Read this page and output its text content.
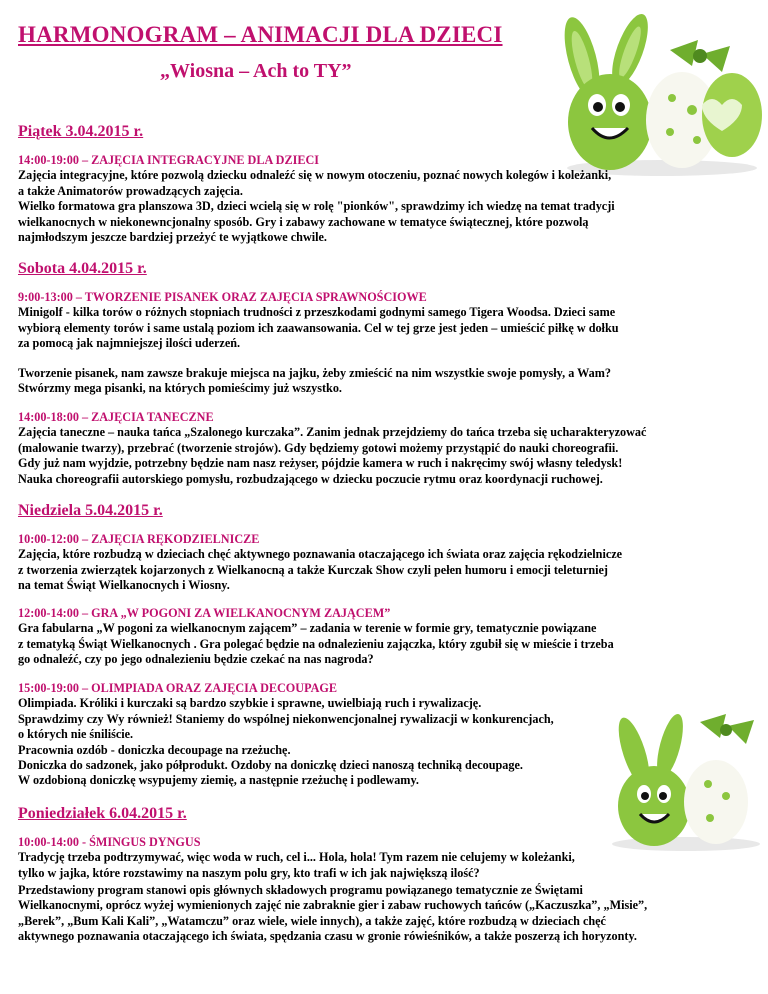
HARMONOGRAM – ANIMACJI DLA DZIECI
„Wiosna – Ach to TY”
Piątek 3.04.2015 r.
14:00-19:00 – ZAJĘCIA INTEGRACYJNE DLA DZIECI
Zajęcia integracyjne, które pozwolą dziecku odnaleźć się w nowym otoczeniu, poznać nowych kolegów i koleżanki,
a także Animatorów prowadzących zajęcia.
Wielko formatowa gra planszowa 3D, dzieci wcielą się w rolę "pionków", sprawdzimy ich wiedzę na temat tradycji
wielkanocnych w niekonewncjonalny sposób. Gry i zabawy zachowane w tematyce świątecznej, które pozwolą
najmłodszym jeszcze bardziej przeżyć te wyjątkowe chwile.
Sobota 4.04.2015 r.
9:00-13:00 – TWORZENIE PISANEK ORAZ ZAJĘCIA SPRAWNOŚCIOWE
Minigolf - kilka torów o różnych stopniach trudności z przeszkodami godnymi samego Tigera Woodsa. Dzieci same
wybiorą elementy torów i same ustalą poziom ich zaawansowania. Cel w tej grze jest jeden – umieścić piłkę w dołku
za pomocą jak najmniejszej ilości uderzeń.
Tworzenie pisanek, nam zawsze brakuje miejsca na jajku, żeby zmieścić na nim wszystkie swoje pomysły, a Wam?
Stwórzmy mega pisanki, na których pomieścimy już wszystko.
14:00-18:00 – ZAJĘCIA TANECZNE
Zajęcia taneczne – nauka tańca „Szalonego kurczaka”. Zanim jednak przejdziemy do tańca trzeba się ucharakteryzować
(malowanie twarzy), przebrać (tworzenie strojów). Gdy będziemy gotowi możemy przystąpić do nauki choreografii.
Gdy już nam wyjdzie, potrzebny będzie nam nasz reżyser, pójdzie kamera w ruch i nakręcimy swój własny teledysk!
Nauka choreografii autorskiego pomysłu, rozbudzającego w dziecku poczucie rytmu oraz koordynacji ruchowej.
Niedziela 5.04.2015 r.
10:00-12:00 – ZAJĘCIA RĘKODZIELNICZE
Zajęcia, które rozbudzą w dzieciach chęć aktywnego poznawania otaczającego ich świata oraz zajęcia rękodzielnicze
z tworzenia zwierzątek kojarzonych z Wielkanocną a także Kurczak Show czyli pełen humoru i emocji teleturniej
na temat Świąt Wielkanocnych i Wiosny.
12:00-14:00 – GRA „W POGONI ZA WIELKANOCNYM ZAJĄCEM”
Gra fabularna „W pogoni za wielkanocnym zającem” – zadania w terenie w formie gry, tematycznie powiązane
z tematyką Świąt Wielkanocnych . Gra polegać będzie na odnalezieniu zajączka, który zgubił się w mieście i trzeba
go odnaleźć, czy po jego odnalezieniu będzie czekać na nas nagroda?
15:00-19:00 – OLIMPIADA ORAZ ZAJĘCIA DECOUPAGE
Olimpiada. Króliki i kurczaki są bardzo szybkie i sprawne, uwielbiają ruch i rywalizację.
Sprawdzimy czy Wy również! Staniemy do wspólnej niekonwencjonalnej rywalizacji w konkurencjach,
o których nie śniliście.
Pracownia ozdób - doniczka decoupage na rzeżuchę.
Doniczka do sadzonek, jako półprodukt. Ozdoby na doniczkę dzieci nanoszą techniką decoupage.
W ozdobioną doniczkę wsypujemy ziemię, a następnie rzeżuchę i podlewamy.
Poniedziałek 6.04.2015 r.
10:00-14:00 - ŚMINGUS DYNGUS
Tradycję trzeba podtrzymywać, więc woda w ruch, cel i... Hola, hola! Tym razem nie celujemy w koleżanki,
tylko w jajka, które rozstawimy na naszym polu gry, kto trafi w ich jak największą ilość?
Przedstawiony program stanowi opis głównych składowych programu powiązanego tematycznie ze Świętami
Wielkanocnymi, oprócz wyżej wymienionych zajęć nie zabraknie gier i zabaw ruchowych tańców („Kaczuszka”, „Misie”,
„Berek”, „Bum Kali Kali”, „Watamczu” oraz wiele, wiele innych), a także zajęć, które rozbudzą w dzieciach chęć
aktywnego poznawania otaczającego ich świata, spędzania czasu w gronie rówieśników, a także poszerzą ich horyzonty.
